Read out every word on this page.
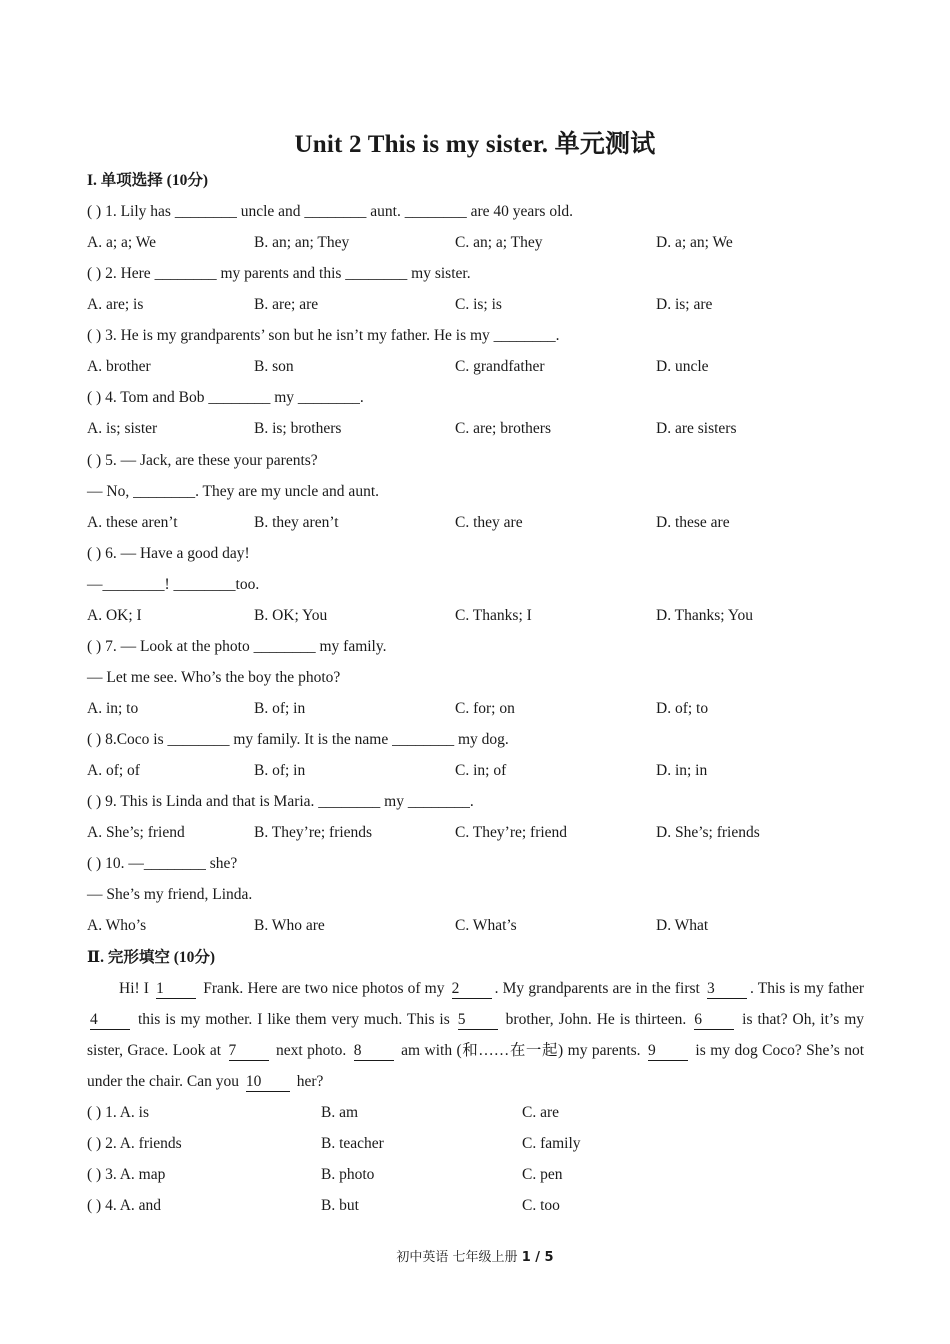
Unit 2 This is my sister. 单元测试
I. 单项选择 (10分)
( ) 1. Lily has ________ uncle and ________ aunt. ________ are 40 years old.
A. a; a; We	B. an; an; They	C. an; a; They	D. a; an; We
( ) 2. Here ________ my parents and this ________ my sister.
A. are; is	B. are; are	C. is; is	D. is; are
( ) 3. He is my grandparents’ son but he isn’t my father. He is my ________.
A. brother	B. son	C. grandfather	D. uncle
( ) 4. Tom and Bob ________ my ________.
A. is; sister	B. is; brothers	C. are; brothers	D. are sisters
( ) 5. — Jack, are these your parents?
— No, ________. They are my uncle and aunt.
A. these aren’t	B. they aren’t	C. they are	D. these are
( ) 6. — Have a good day!
—________! ________too.
A. OK; I	B. OK; You	C. Thanks; I	D. Thanks; You
( ) 7. — Look at the photo ________ my family.
— Let me see. Who’s the boy the photo?
A. in; to	B. of; in	C. for; on	D. of; to
( ) 8.Coco is ________ my family. It is the name ________ my dog.
A. of; of	B. of; in	C. in; of	D. in; in
( ) 9. This is Linda and that is Maria. ________ my ________.
A. She’s; friend	B. They’re; friends	C. They’re; friend	D. She’s; friends
( ) 10. —________ she?
— She’s my friend, Linda.
A. Who’s	B. Who are	C. What’s	D. What
Ⅱ. 完形填空 (10分)
Hi! I 1 Frank. Here are two nice photos of my 2 . My grandparents are in the first 3 . This is my father 4 this is my mother. I like them very much. This is 5 brother, John. He is thirteen. 6 is that? Oh, it’s my sister, Grace. Look at 7 next photo. 8 am with (和……在一起) my parents. 9 is my dog Coco? She’s not under the chair. Can you 10 her?
( ) 1. A. is	B. am	C. are
( ) 2. A. friends	B. teacher	C. family
( ) 3. A. map	B. photo	C. pen
( ) 4. A. and	B. but	C. too
初中英语 七年级上册 1 / 5
